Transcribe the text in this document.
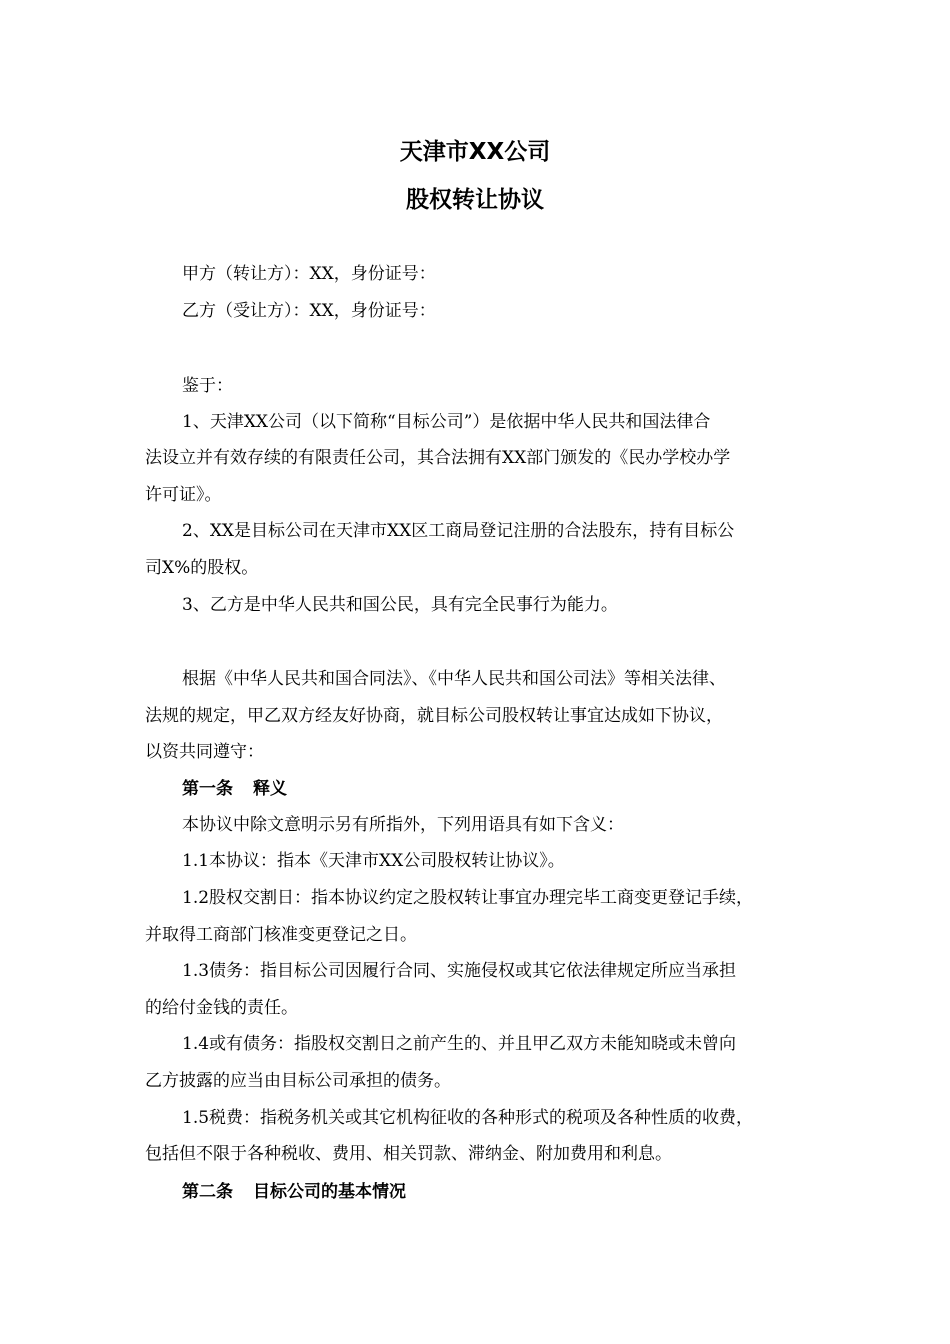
天津市XX公司
股权转让协议
甲方（转让方）：XX，身份证号：
乙方（受让方）：XX，身份证号：
鉴于：
1、天津XX公司（以下简称“目标公司”）是依据中华人民共和国法律合
法设立并有效存续的有限责任公司，其合法拥有XX部门颁发的《民办学校办学
许可证》。
2、XX是目标公司在天津市XX区工商局登记注册的合法股东，持有目标公
司X%的股权。
3、乙方是中华人民共和国公民，具有完全民事行为能力。
根据《中华人民共和国合同法》、《中华人民共和国公司法》等相关法律、
法规的规定，甲乙双方经友好协商，就目标公司股权转让事宜达成如下协议，
以资共同遵守：
第一条 释义
本协议中除文意明示另有所指外，下列用语具有如下含义：
1.1本协议：指本《天津市XX公司股权转让协议》。
1.2股权交割日：指本协议约定之股权转让事宜办理完毕工商变更登记手续，
并取得工商部门核准变更登记之日。
1.3债务：指目标公司因履行合同、实施侵权或其它依法律规定所应当承担
的给付金钱的责任。
1.4或有债务：指股权交割日之前产生的、并且甲乙双方未能知晓或未曾向
乙方披露的应当由目标公司承担的债务。
1.5税费：指税务机关或其它机构征收的各种形式的税项及各种性质的收费，
包括但不限于各种税收、费用、相关罚款、滞纳金、附加费用和利息。
第二条 目标公司的基本情况
